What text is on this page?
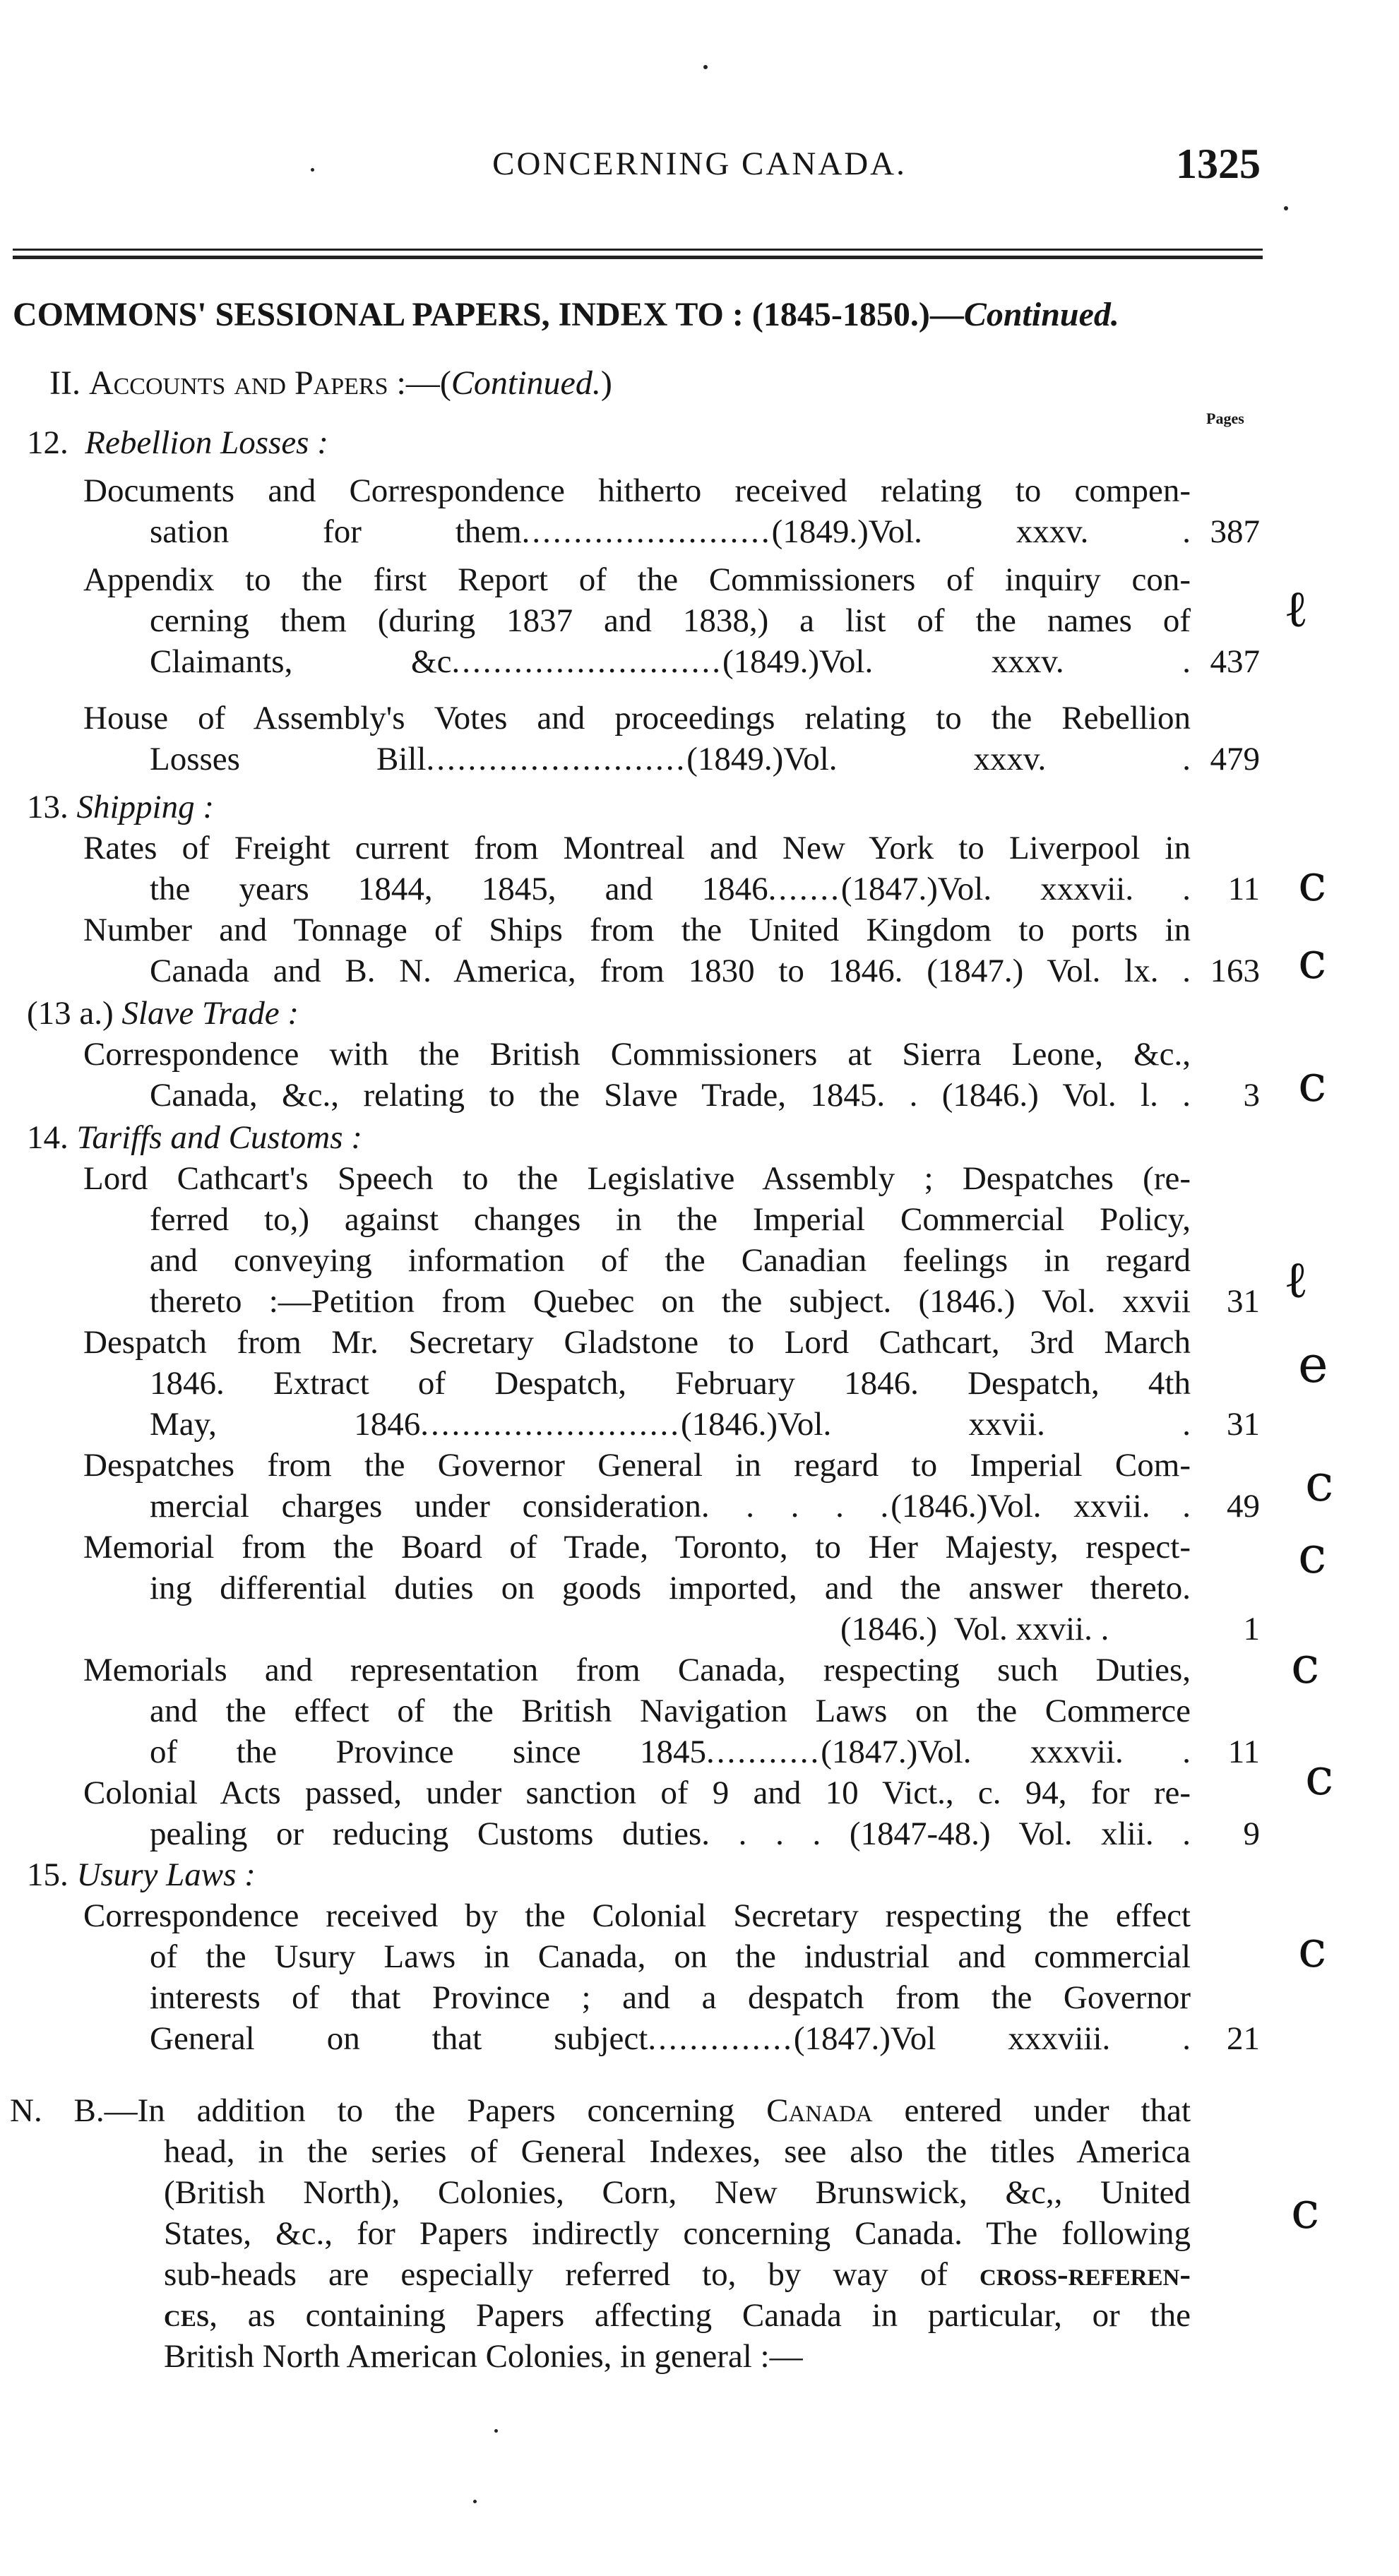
CONCERNING CANADA.	1325
COMMONS' SESSIONAL PAPERS, INDEX TO : (1845-1850.)—Continued.
II. Accounts and Papers :—(Continued.)
Pages
12. Rebellion Losses :
Documents and Correspondence hitherto received relating to compen-
sation for them........................(1849.)Vol. xxxv. . 387
Appendix to the first Report of the Commissioners of inquiry con-
cerning them (during 1837 and 1838,) a list of the names of
Claimants, &c..........................(1849.)Vol. xxxv. . 437
House of Assembly's Votes and proceedings relating to the Rebellion
Losses Bill.........................(1849.)Vol. xxxv. . 479
13. Shipping :
Rates of Freight current from Montreal and New York to Liverpool in
the years 1844, 1845, and 1846.......(1847.)Vol. xxxvii. .	11
Number and Tonnage of Ships from the United Kingdom to ports in
Canada and B. N. America, from 1830 to 1846. (1847.) Vol. lx. . 163
(13 a.) Slave Trade :
Correspondence with the British Commissioners at Sierra Leone, &c.,
Canada, &c., relating to the Slave Trade, 1845. . (1846.) Vol. l. .	3
14. Tariffs and Customs :
Lord Cathcart's Speech to the Legislative Assembly ; Despatches (re-
ferred to,) against changes in the Imperial Commercial Policy,
and conveying information of the Canadian feelings in regard
thereto :—Petition from Quebec on the subject. (1846.) Vol. xxvii	31
Despatch from Mr. Secretary Gladstone to Lord Cathcart, 3rd March
1846. Extract of Despatch, February 1846. Despatch, 4th
May, 1846.........................(1846.)Vol. xxvii. .	31
Despatches from the Governor General in regard to Imperial Com-
mercial charges under consideration. . . . .(1846.)Vol. xxvii. .	49
Memorial from the Board of Trade, Toronto, to Her Majesty, respect-
ing differential duties on goods imported, and the answer thereto.
(1846.) Vol. xxvii. .	1
Memorials and representation from Canada, respecting such Duties,
and the effect of the British Navigation Laws on the Commerce
of the Province since 1845...........(1847.)Vol. xxxvii. .	11
Colonial Acts passed, under sanction of 9 and 10 Vict., c. 94, for re-
pealing or reducing Customs duties. . . . (1847-48.) Vol. xlii. .	9
15. Usury Laws :
Correspondence received by the Colonial Secretary respecting the effect
of the Usury Laws in Canada, on the industrial and commercial
interests of that Province ; and a despatch from the Governor
General on that subject..............(1847.)Vol xxxviii. .	21
N. B.—In addition to the Papers concerning Canada entered under that
head, in the series of General Indexes, see also the titles America
(British North), Colonies, Corn, New Brunswick, &c,, United
States, &c., for Papers indirectly concerning Canada. The following
sub-heads are especially referred to, by way of cross-referen-
ces, as containing Papers affecting Canada in particular, or the
British North American Colonies, in general :—
ℓ
c
c
c
ℓ
e
c
c
c
c
c
c
